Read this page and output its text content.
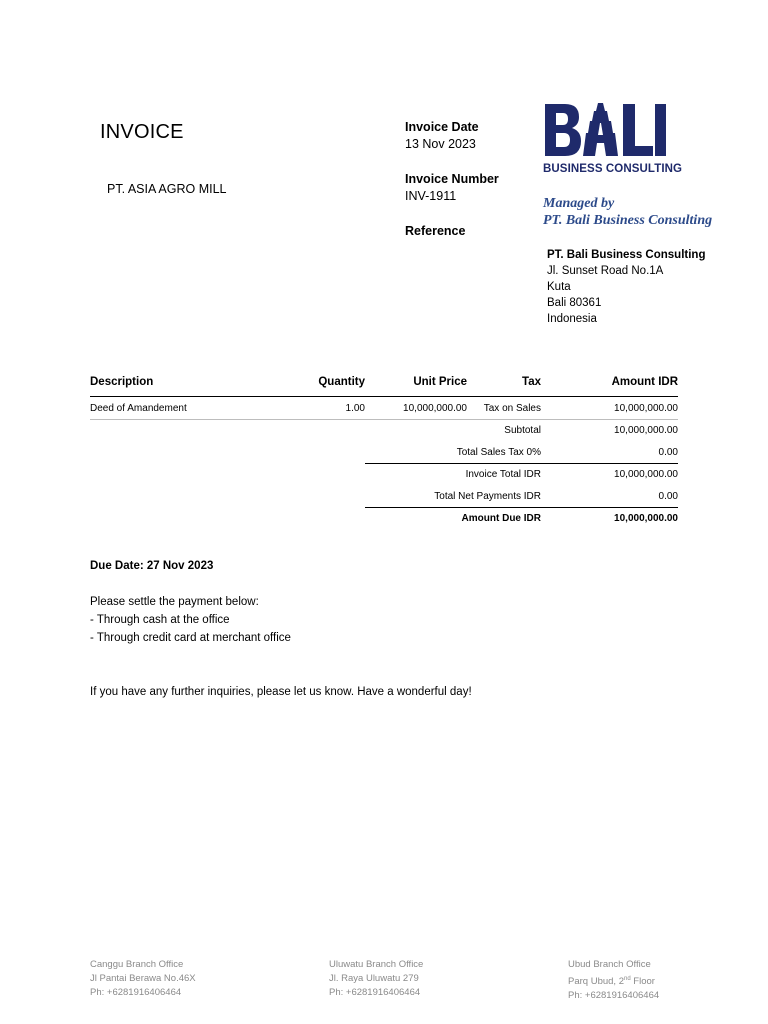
INVOICE
PT. ASIA AGRO MILL
Invoice Date
13 Nov 2023
Invoice Number
INV-1911
Reference
BUSINESS CONSULTING
Managed by
PT. Bali Business Consulting
PT. Bali Business Consulting
Jl. Sunset Road No.1A
Kuta
Bali 80361
Indonesia
Description	Quantity	Unit Price	Tax	Amount IDR
Deed of Amandement	1.00	10,000,000.00	Tax on Sales	10,000,000.00
Subtotal	10,000,000.00
Total Sales Tax 0%	0.00
Invoice Total IDR	10,000,000.00
Total Net Payments IDR	0.00
Amount Due IDR	10,000,000.00
Due Date: 27 Nov 2023
Please settle the payment below:
- Through cash at the office
- Through credit card at merchant office
If you have any further inquiries, please let us know. Have a wonderful day!
Canggu Branch Office
Jl Pantai Berawa No.46X
Ph: +6281916406464
Uluwatu Branch Office
Jl. Raya Uluwatu 279
Ph: +6281916406464
Ubud Branch Office
Parq Ubud, 2nd Floor
Ph: +6281916406464
